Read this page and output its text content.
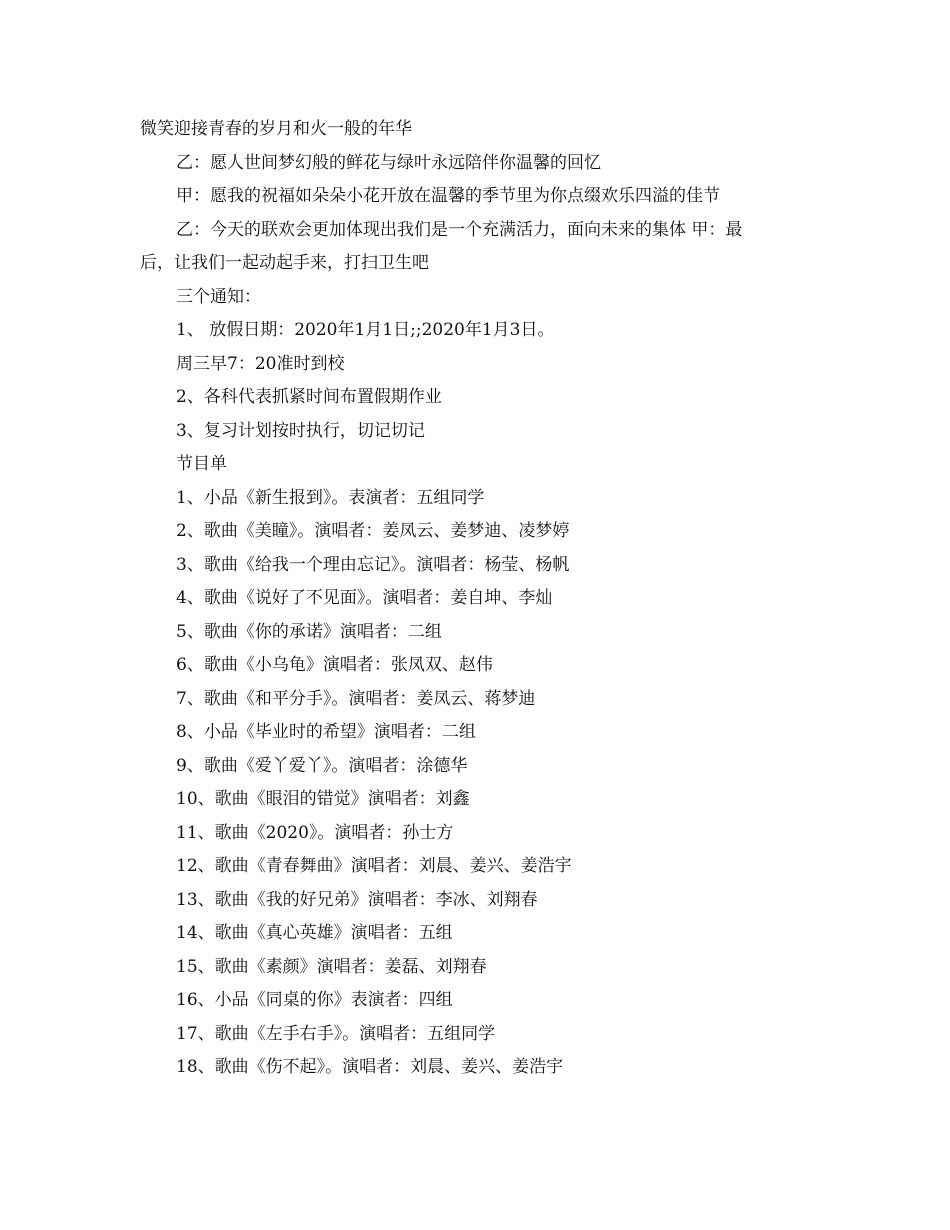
微笑迎接青春的岁月和火一般的年华

乙：愿人世间梦幻般的鲜花与绿叶永远陪伴你温馨的回忆

甲：愿我的祝福如朵朵小花开放在温馨的季节里为你点缀欢乐四溢的佳节

乙：今天的联欢会更加体现出我们是一个充满活力，面向未来的集体 甲：最

后，让我们一起动起手来，打扫卫生吧

三个通知：

1、 放假日期：2020年1月1日;;2020年1月3日。

周三早7：20准时到校

2、各科代表抓紧时间布置假期作业

3、复习计划按时执行，切记切记

节目单

1、小品《新生报到》。表演者：五组同学

2、歌曲《美瞳》。演唱者：姜凤云、姜梦迪、凌梦婷

3、歌曲《给我一个理由忘记》。演唱者：杨莹、杨帆

4、歌曲《说好了不见面》。演唱者：姜自坤、李灿

5、歌曲《你的承诺》演唱者：二组

6、歌曲《小乌龟》演唱者：张凤双、赵伟

7、歌曲《和平分手》。演唱者：姜凤云、蒋梦迪

8、小品《毕业时的希望》演唱者：二组

9、歌曲《爱丫爱丫》。演唱者：涂德华

10、歌曲《眼泪的错觉》演唱者：刘鑫

11、歌曲《2020》。演唱者：孙士方

12、歌曲《青春舞曲》演唱者：刘晨、姜兴、姜浩宇

13、歌曲《我的好兄弟》演唱者：李冰、刘翔春

14、歌曲《真心英雄》演唱者：五组

15、歌曲《素颜》演唱者：姜磊、刘翔春

16、小品《同桌的你》表演者：四组

17、歌曲《左手右手》。演唱者：五组同学

18、歌曲《伤不起》。演唱者：刘晨、姜兴、姜浩宇
